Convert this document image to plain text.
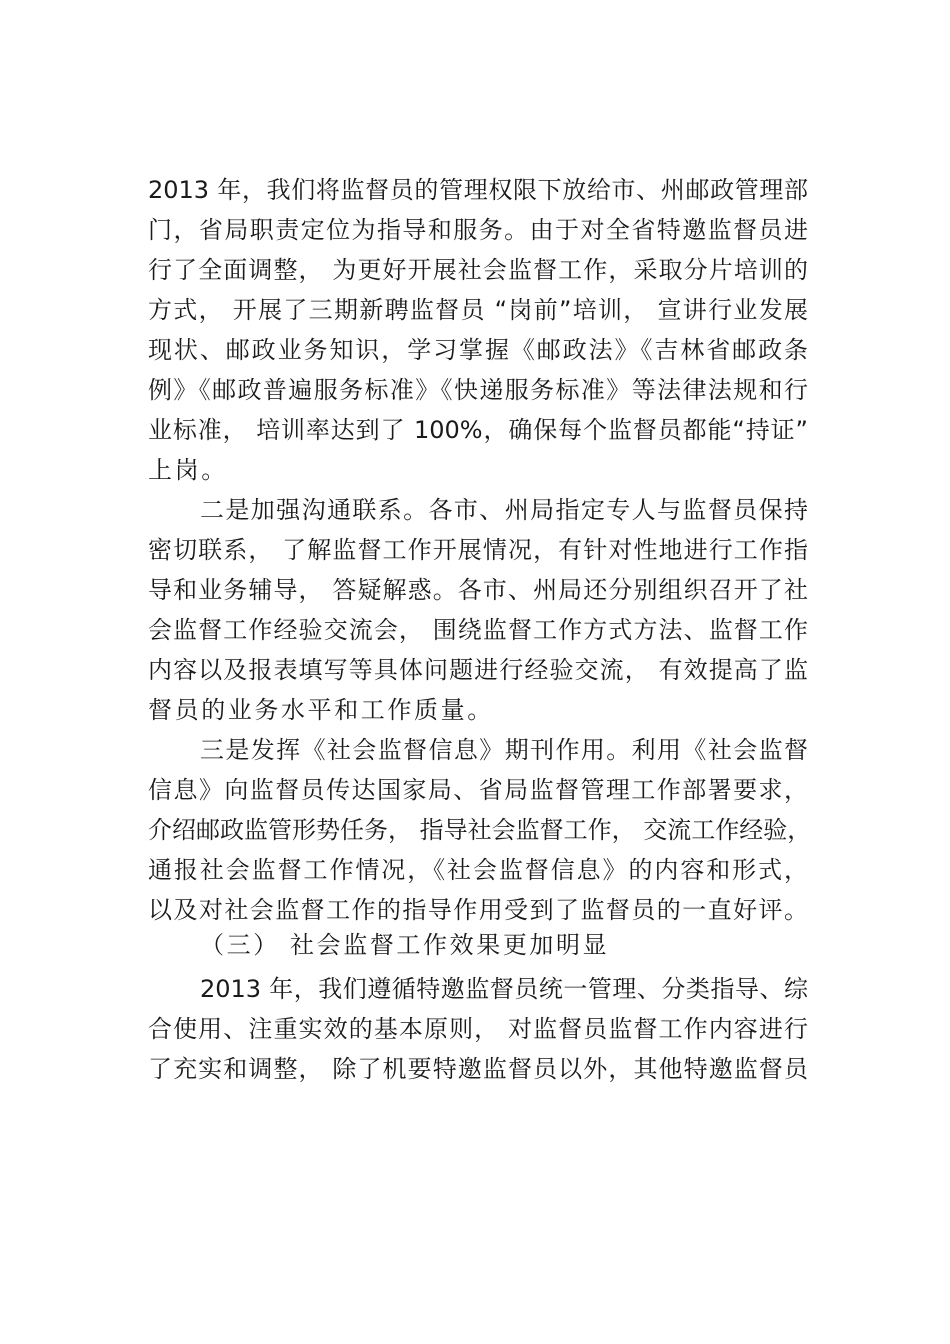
2013 年，我们将监督员的管理权限下放给市、州邮政管理部
门，省局职责定位为指导和服务。由于对全省特邀监督员进
行了全面调整， 为更好开展社会监督工作，采取分片培训的
方式， 开展了三期新聘监督员 “岗前”培训， 宣讲行业发展
现状、邮政业务知识，学习掌握《邮政法》《吉林省邮政条
例》《邮政普遍服务标准》《快递服务标准》等法律法规和行
业标准， 培训率达到了 100%，确保每个监督员都能“持证”
上岗。
二是加强沟通联系。各市、州局指定专人与监督员保持
密切联系， 了解监督工作开展情况，有针对性地进行工作指
导和业务辅导， 答疑解惑。各市、州局还分别组织召开了社
会监督工作经验交流会， 围绕监督工作方式方法、监督工作
内容以及报表填写等具体问题进行经验交流， 有效提高了监
督员的业务水平和工作质量。
三是发挥《社会监督信息》期刊作用。利用《社会监督
信息》向监督员传达国家局、省局监督管理工作部署要求，
介绍邮政监管形势任务， 指导社会监督工作， 交流工作经验，
通报社会监督工作情况，《社会监督信息》的内容和形式，
以及对社会监督工作的指导作用受到了监督员的一直好评。
（三） 社会监督工作效果更加明显
2013 年，我们遵循特邀监督员统一管理、分类指导、综
合使用、注重实效的基本原则， 对监督员监督工作内容进行
了充实和调整， 除了机要特邀监督员以外，其他特邀监督员
